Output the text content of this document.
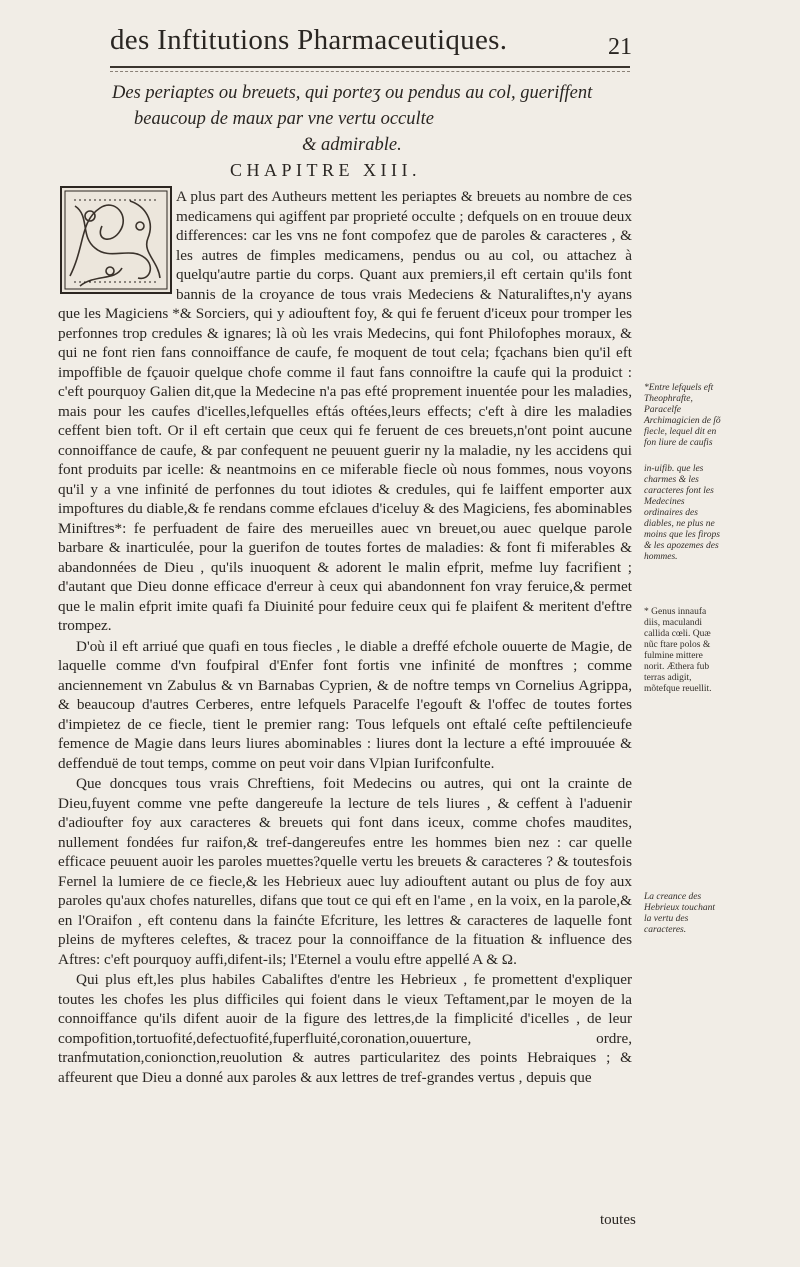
des Inftitutions Pharmaceutiques.	21
Des periaptes ou breuets, qui porteʒ ou pendus au col, gueriffent
beaucoup de maux par vne vertu occulte
& admirable.
CHAPITRE XIII.

A plus part des Autheurs mettent les periaptes & breuets au nombre de ces medicamens qui agiffent par proprieté occulte ; defquels on en trouue deux differences: car les vns ne font compofez que de paroles & caracteres , & les autres de fimples medicamens, pendus ou au col, ou attachez à quelqu'autre partie du corps. Quant aux premiers,il eft certain qu'ils font bannis de la croyance de tous vrais Medeciens & Naturaliftes,n'y ayans que les Magiciens *& Sorciers, qui y adiouftent foy, & qui fe feruent d'iceux pour tromper les perfonnes trop credules & ignares; là où les vrais Medecins, qui font Philofophes moraux, & qui ne font rien fans connoiffance de caufe, fe moquent de tout cela; fçachans bien qu'il eft impoffible de fçauoir quelque chofe comme il faut fans connoiftre la caufe qui la produict : c'eft pourquoy Galien dit,que la Medecine n'a pas efté proprement inuentée pour les maladies, mais pour les caufes d'icelles,lefquelles eftás oftées,leurs effects; c'eft à dire les maladies ceffent bien toft. Or il eft certain que ceux qui fe feruent de ces breuets,n'ont point aucune connoiffance de caufe, & par confequent ne peuuent guerir ny la maladie, ny les accidens qui font produits par icelle: & neantmoins en ce miferable fiecle où nous fommes, nous voyons qu'il y a vne infinité de perfonnes du tout idiotes & credules, qui fe laiffent emporter aux impoftures du diable,& fe rendans comme efclaues d'iceluy & des Magiciens, fes abominables Miniftres*: fe perfuadent de faire des merueilles auec vn breuet,ou auec quelque parole barbare & inarticulée, pour la guerifon de toutes fortes de maladies: & font fi miferables & abandonnées de Dieu , qu'ils inuoquent & adorent le malin efprit, mefme luy facrifient ; d'autant que Dieu donne efficace d'erreur à ceux qui abandonnent fon vray feruice,& permet que le malin efprit imite quafi fa Diuinité pour feduire ceux qui fe plaifent & meritent d'eftre trompez.

D'où il eft arriué que quafi en tous fiecles , le diable a dreffé efchole ouuerte de Magie, de laquelle comme d'vn foufpiral d'Enfer font fortis vne infinité de monftres ; comme anciennement vn Zabulus & vn Barnabas Cyprien, & de noftre temps vn Cornelius Agrippa, & beaucoup d'autres Cerberes, entre lefquels Paracelfe l'egouft & l'offec de toutes fortes d'impietez de ce fiecle, tient le premier rang: Tous lefquels ont eftalé ceſte peftilencieufe femence de Magie dans leurs liures abominables : liures dont la lecture a efté improuuée & deffenduë de tout temps, comme on peut voir dans Vlpian Iurifconfulte.

Que doncques tous vrais Chreftiens, foit Medecins ou autres, qui ont la crainte de Dieu,fuyent comme vne pefte dangereufe la lecture de tels liures , & ceffent à l'aduenir d'adioufter foy aux caracteres & breuets qui font dans iceux, comme chofes maudites, nullement fondées fur raifon,& tref-dangereufes entre les hommes bien nez : car quelle efficace peuuent auoir les paroles muettes?quelle vertu les breuets & caracteres ? & toutesfois Fernel la lumiere de ce fiecle,& les Hebrieux auec luy adiouftent autant ou plus de foy aux paroles qu'aux chofes naturelles, difans que tout ce qui eft en l'ame , en la voix, en la parole,& en l'Oraifon , eft contenu dans la fainćte Efcriture, les lettres & caracteres de laquelle font pleins de myfteres celeftes, & tracez pour la connoiffance de la fituation & influence des Aftres: c'eft pourquoy auffi,difent-ils; l'Eternel a voulu eftre appellé A & Ω.

Qui plus eft,les plus habiles Cabaliftes d'entre les Hebrieux , fe promettent d'expliquer toutes les chofes les plus difficiles qui foient dans le vieux Teftament,par le moyen de la connoiffance qu'ils difent auoir de la figure des lettres,de la fimplicité d'icelles , de leur compofition,tortuofité,defectuofité,fuperfluité,coronation,ouuerture, ordre, tranfmutation,conionction,reuolution & autres particularitez des points Hebraiques ; & affeurent que Dieu a donné aux paroles & aux lettres de tref-grandes vertus , depuis que

toutes
*Entre lefquels eft Theophrafte, Paracelfe Archimagicien de ſõ fiecle, lequel dit en fon liure de caufis
in-uifib. que les charmes & les caracteres font les Medecines ordinaires des diables, ne plus ne moins que les firops & les apozemes des hommes.
* Genus innaufa diis, maculandi callida cœli. Quæ nũc ftare polos & fulmine mittere norit. Æthera fub terras adigit, mõtefque reuellit.
La creance des Hebrieux touchant la vertu des caracteres.
